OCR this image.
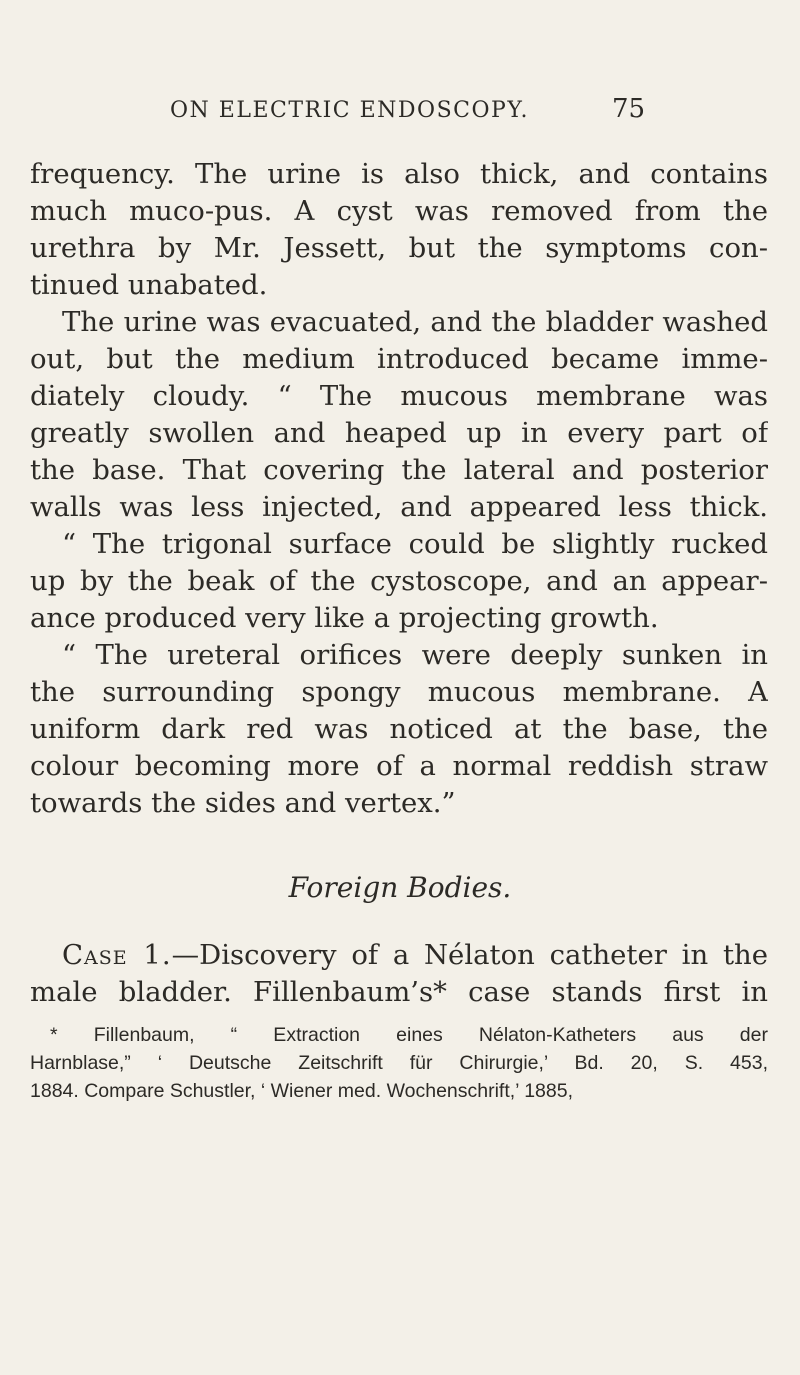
ON ELECTRIC ENDOSCOPY.	75
frequency. The urine is also thick, and contains
much muco-pus. A cyst was removed from the
urethra by Mr. Jessett, but the symptoms con-
tinued unabated.
The urine was evacuated, and the bladder washed
out, but the medium introduced became imme-
diately cloudy. “ The mucous membrane was
greatly swollen and heaped up in every part of
the base. That covering the lateral and posterior
walls was less injected, and appeared less thick.
“ The trigonal surface could be slightly rucked
up by the beak of the cystoscope, and an appear-
ance produced very like a projecting growth.
“ The ureteral orifices were deeply sunken in
the surrounding spongy mucous membrane. A
uniform dark red was noticed at the base, the
colour becoming more of a normal reddish straw
towards the sides and vertex.”
Foreign Bodies.
Case 1.—Discovery of a Nélaton catheter in the
male bladder. Fillenbaum’s* case stands first in
* Fillenbaum, “ Extraction eines Nélaton-Katheters aus der
Harnblase,” ‘ Deutsche Zeitschrift für Chirurgie,’ Bd. 20, S. 453,
1884. Compare Schustler, ‘ Wiener med. Wochenschrift,’ 1885,
